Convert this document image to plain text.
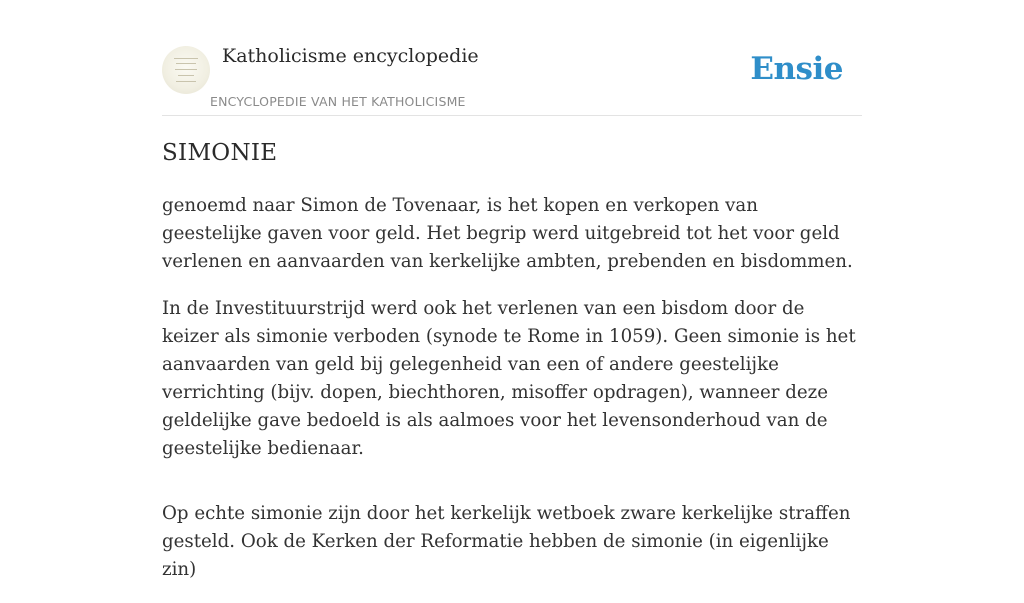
Katholicisme encyclopedie
ENCYCLOPEDIE VAN HET KATHOLICISME
Ensie
SIMONIE

genoemd naar Simon de Tovenaar, is het kopen en verkopen van geestelijke gaven voor geld. Het begrip werd uitgebreid tot het voor geld verlenen en aanvaarden van kerkelijke ambten, prebenden en bisdommen.

In de Investituurstrijd werd ook het verlenen van een bisdom door de keizer als simonie verboden (synode te Rome in 1059). Geen simonie is het aanvaarden van geld bij gelegenheid van een of andere geestelijke verrichting (bijv. dopen, biechthoren, misoffer opdragen), wanneer deze geldelijke gave bedoeld is als aalmoes voor het levensonderhoud van de geestelijke bedienaar.

Op echte simonie zijn door het kerkelijk wetboek zware kerkelijke straffen gesteld. Ook de Kerken der Reformatie hebben de simonie (in eigenlijke zin)
